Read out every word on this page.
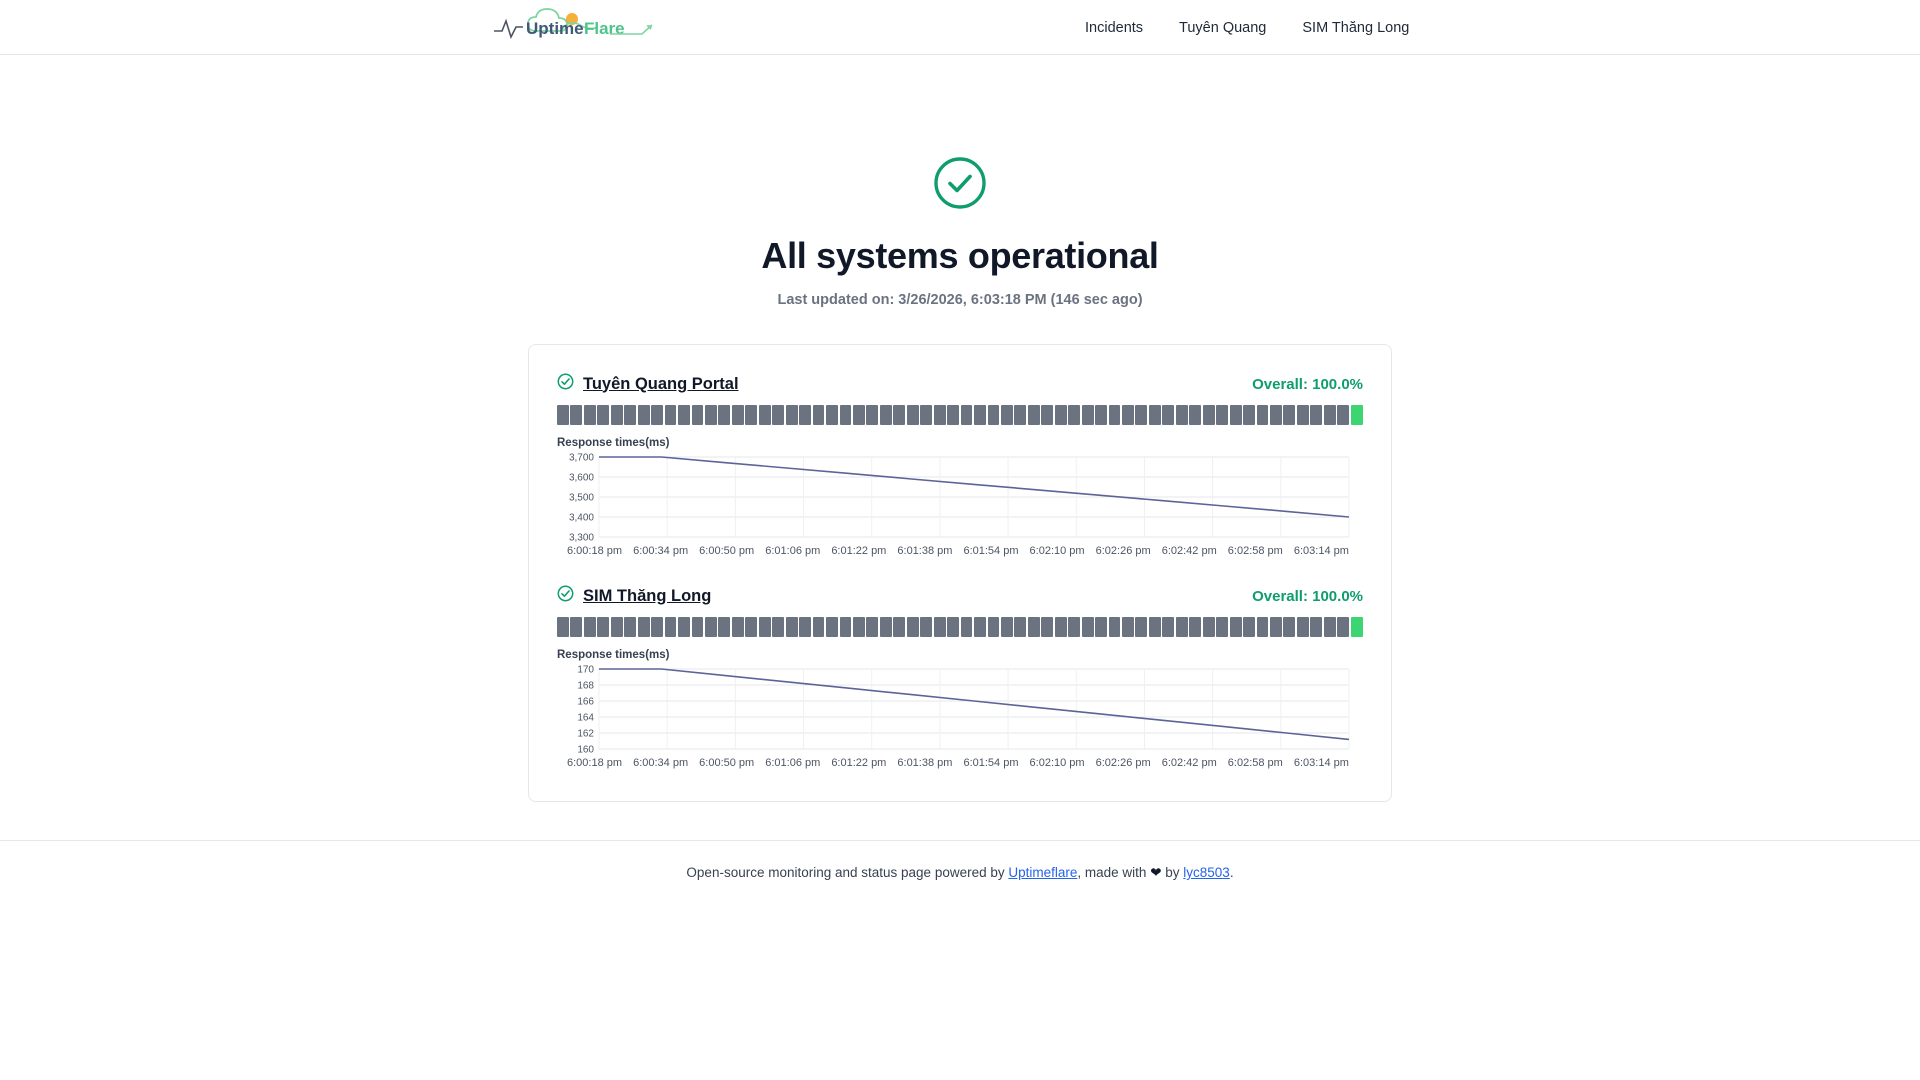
Uptime Flare	Incidents Tuyên Quang SIM Thăng Long
All systems operational
Last updated on: 3/26/2026, 6:03:18 PM (146 sec ago)
Tuyên Quang Portal	Overall: 100.0%
Response times(ms)
3,700
3,600
3,500
3,400
3,300
6:00:18 pm 6:00:34 pm 6:00:50 pm 6:01:06 pm 6:01:22 pm 6:01:38 pm 6:01:54 pm 6:02:10 pm 6:02:26 pm 6:02:42 pm 6:02:58 pm 6:03:14 pm
SIM Thăng Long	Overall: 100.0%
Response times(ms)
170
168
166
164
162
160
6:00:18 pm 6:00:34 pm 6:00:50 pm 6:01:06 pm 6:01:22 pm 6:01:38 pm 6:01:54 pm 6:02:10 pm 6:02:26 pm 6:02:42 pm 6:02:58 pm 6:03:14 pm
Open-source monitoring and status page powered by Uptimeflare, made with ❤ by lyc8503.
